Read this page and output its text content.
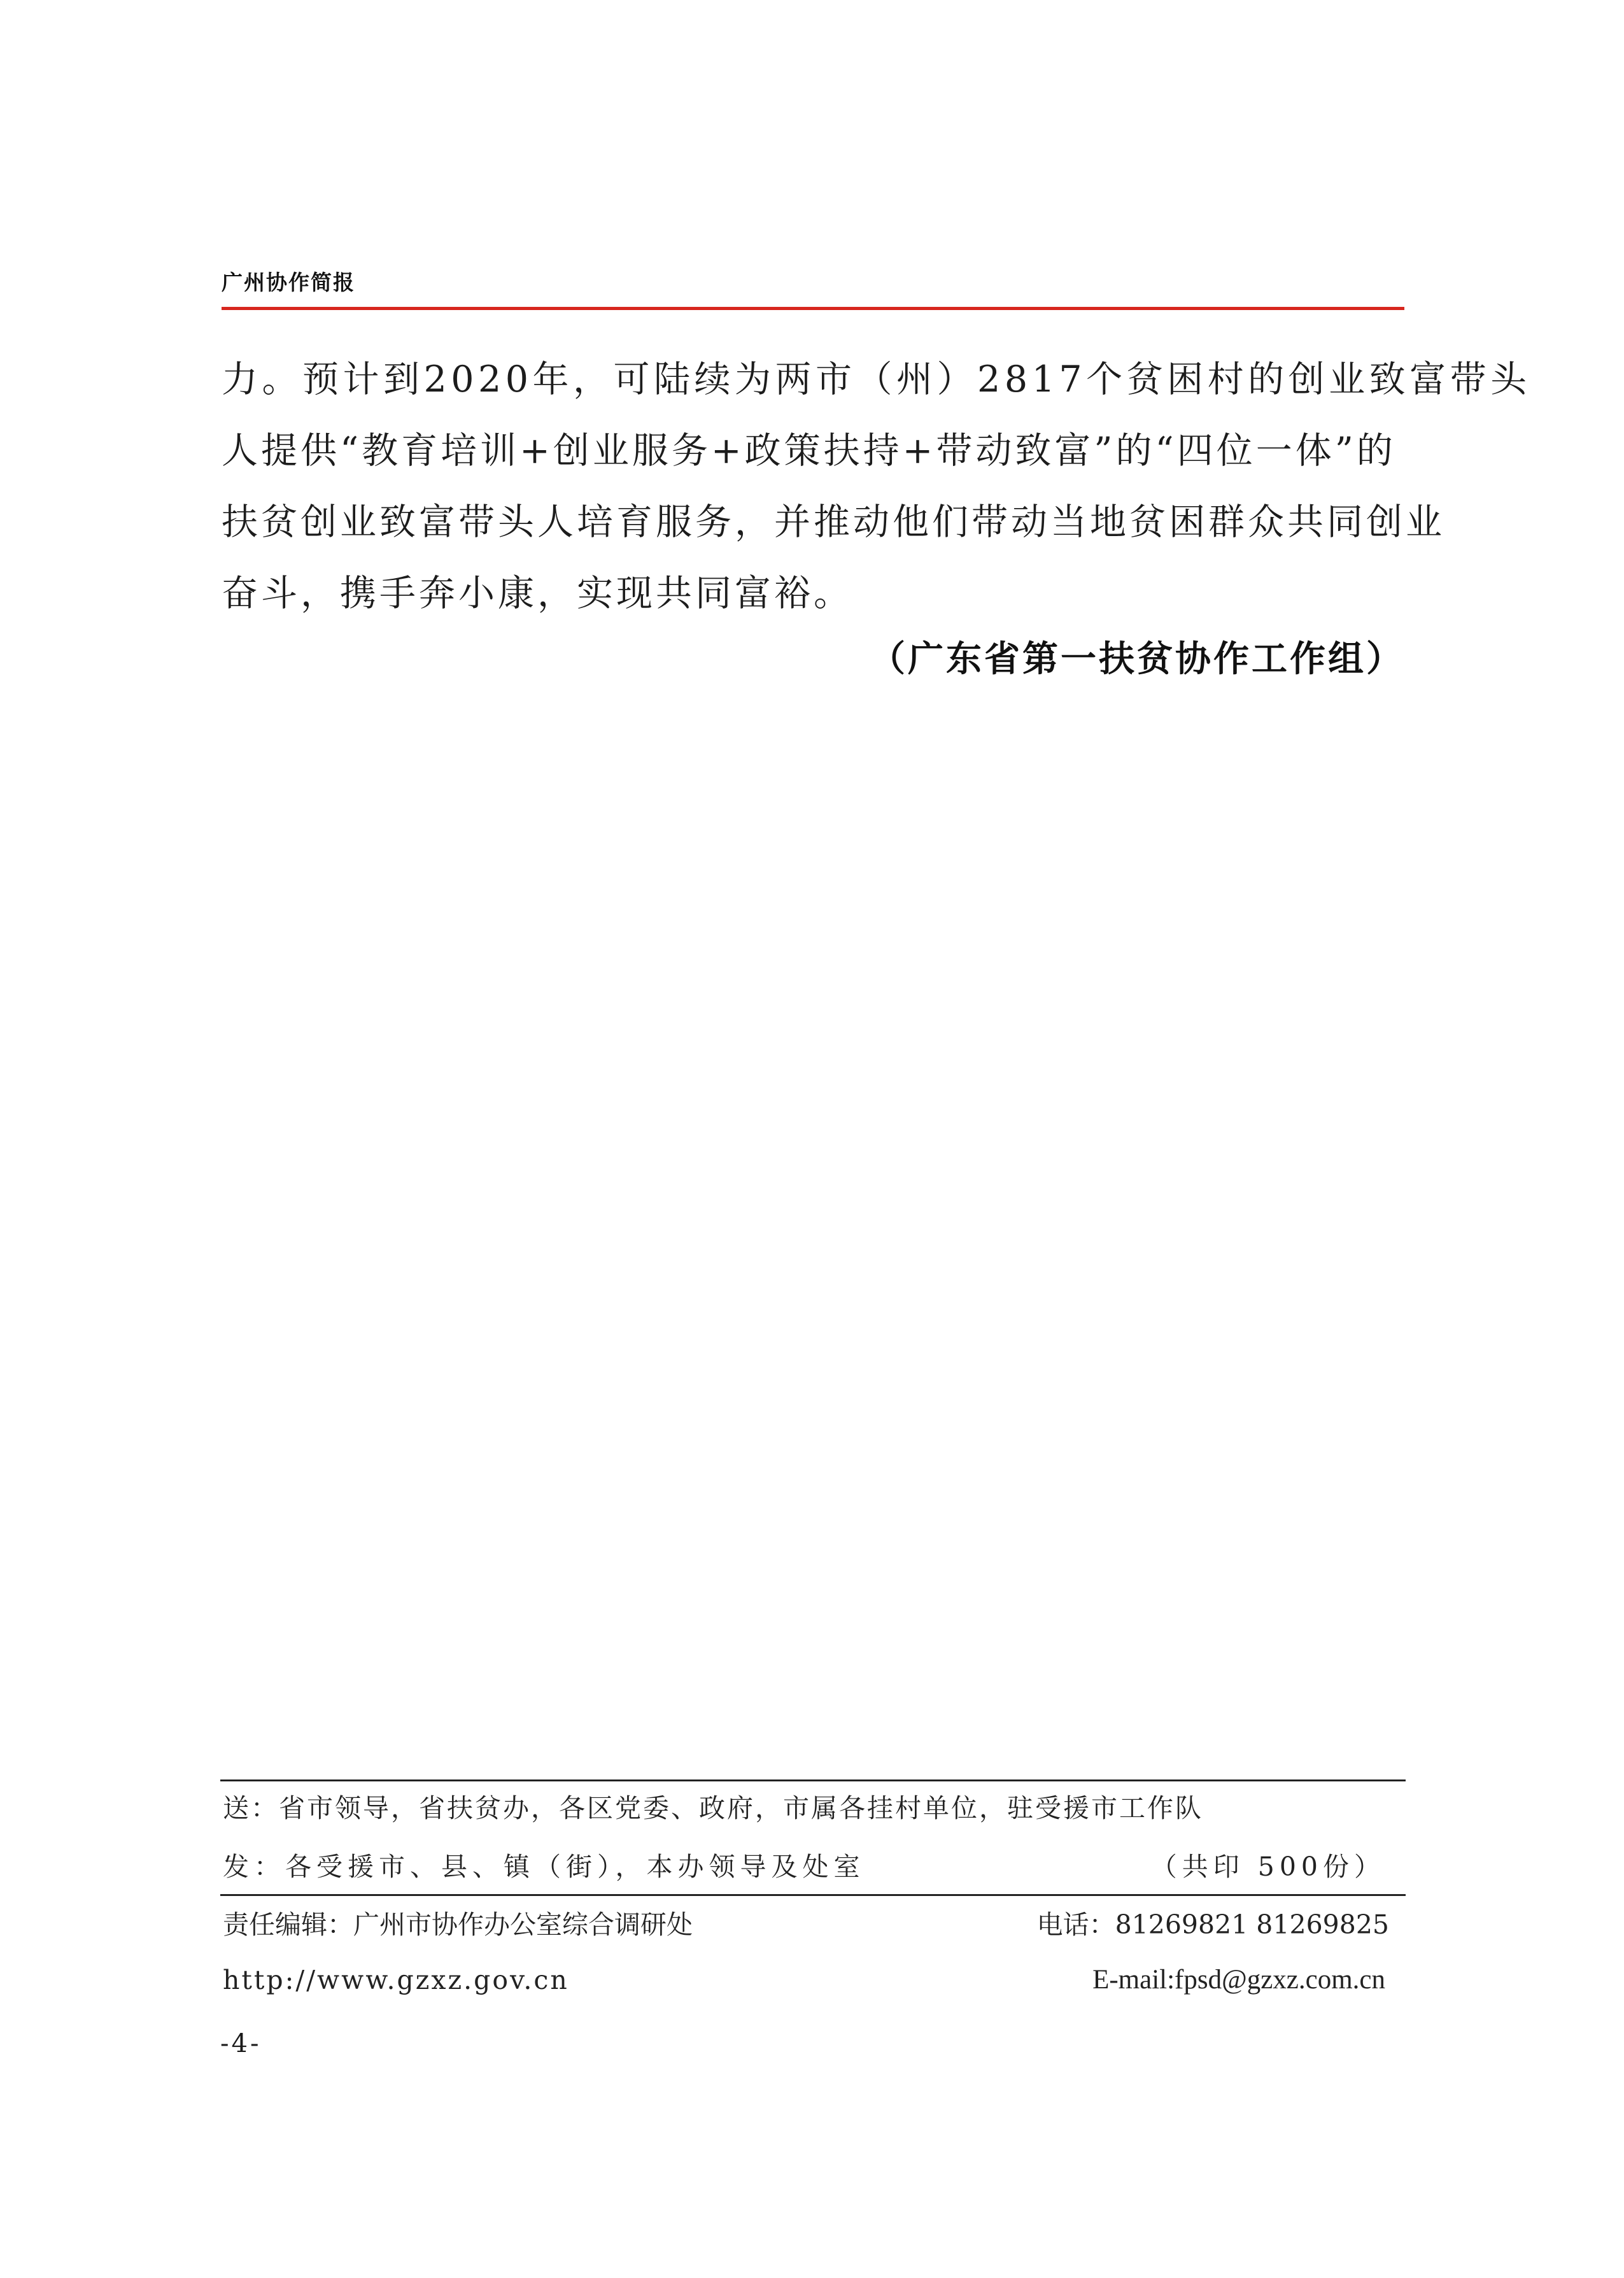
广州协作简报
力。预计到2020年，可陆续为两市（州）2817个贫困村的创业致富带头
人提供“教育培训+创业服务+政策扶持+带动致富”的“四位一体”的
扶贫创业致富带头人培育服务，并推动他们带动当地贫困群众共同创业
奋斗，携手奔小康，实现共同富裕。
（广东省第一扶贫协作工作组）
送：省市领导，省扶贫办，各区党委、政府，市属各挂村单位，驻受援市工作队
发：各受援市、县、镇（街），本办领导及处室	（共印 500份）
责任编辑：广州市协作办公室综合调研处	电话：81269821 81269825
http://www.gzxz.gov.cn	E-mail:fpsd@gzxz.com.cn
-4-
